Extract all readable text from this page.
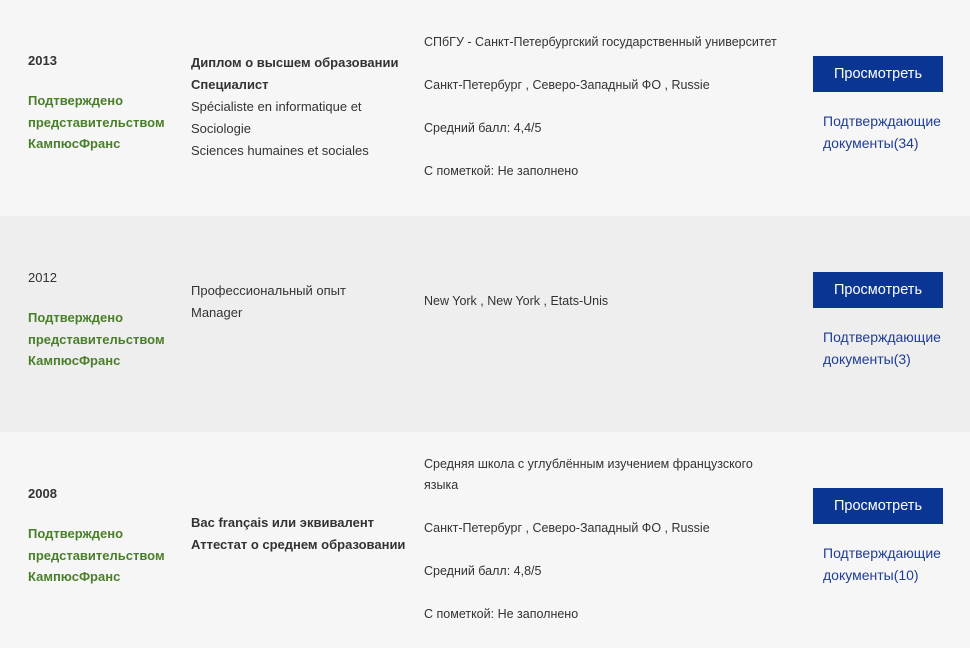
2013
Подтверждено представительством КампюсФранс
Диплом о высшем образовании
Специалист
Spécialiste en informatique et
Sociologie
Sciences humaines et sociales
СПбГУ - Санкт-Петербургский государственный университет
Санкт-Петербург , Северо-Западный ФО , Russie
Средний балл: 4,4/5
С пометкой: Не заполнено
Просмотреть
Подтверждающие документы(34)
2012
Подтверждено представительством КампюсФранс
Профессиональный опыт
Manager
New York , New York , Etats-Unis
Просмотреть
Подтверждающие документы(3)
2008
Подтверждено представительством КампюсФранс
Bac français или эквивалент
Аттестат о среднем образовании
Средняя школа с углублённым изучением французского языка
Санкт-Петербург , Северо-Западный ФО , Russie
Средний балл: 4,8/5
С пометкой: Не заполнено
Просмотреть
Подтверждающие документы(10)
